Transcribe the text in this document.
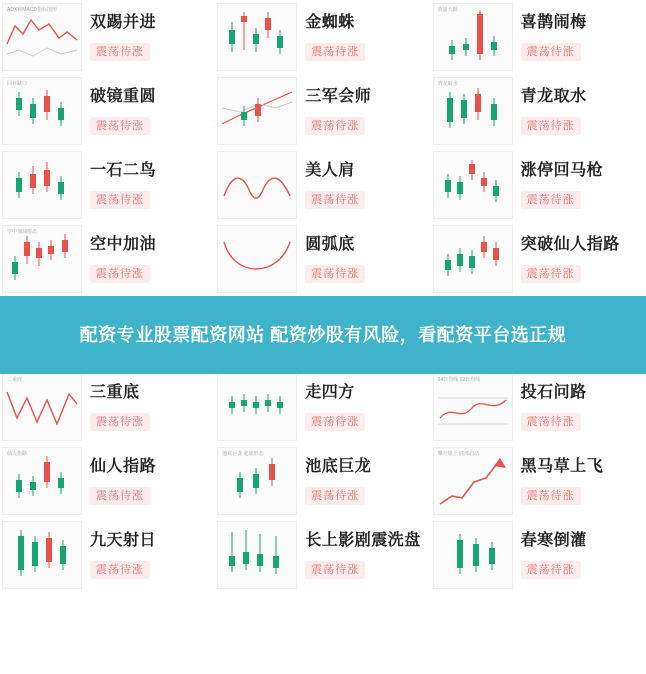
ADX和MACD指标图形
双踢并进
震荡待涨
金蜘蛛
震荡待涨
放量大阳
喜鹊闹梅
震荡待涨
回补缺口
破镜重圆
震荡待涨
三军会师
震荡待涨
青龙取水
青龙取水
震荡待涨
一石二鸟
震荡待涨
美人肩
震荡待涨
涨停回马枪
震荡待涨
空中加油形态
空中加油
震荡待涨
圆弧底
震荡待涨
突破仙人指路
震荡待涨
三重底
三重底
震荡待涨
走四方
震荡待涨
24日均线 12日均线
投石问路
震荡待涨
仙人指路
仙人指路
震荡待涨
池底巨龙 起底形态
池底巨龙
震荡待涨
攀升量上 底部启动
黑马草上飞
震荡待涨
九天射日
震荡待涨
长上影剧震洗盘
震荡待涨
春寒倒灌
震荡待涨
配资专业股票配资网站 配资炒股有风险，看配资平台选正规
